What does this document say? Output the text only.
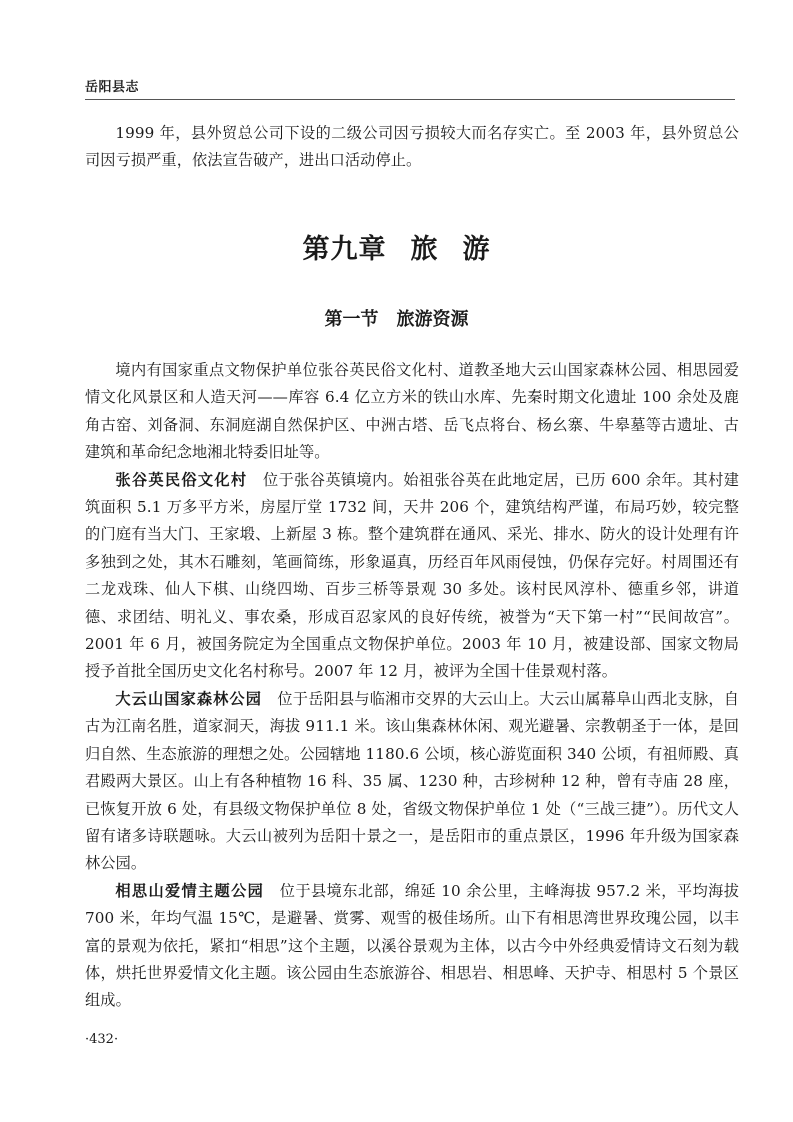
岳阳县志

1999 年，县外贸总公司下设的二级公司因亏损较大而名存实亡。至 2003 年，县外贸总公司因亏损严重，依法宣告破产，进出口活动停止。

第九章 旅 游
第一节 旅游资源

境内有国家重点文物保护单位张谷英民俗文化村、道教圣地大云山国家森林公园、相思园爱情文化风景区和人造天河——库容 6.4 亿立方米的铁山水库、先秦时期文化遗址 100 余处及鹿角古窑、刘备洞、东洞庭湖自然保护区、中洲古塔、岳飞点将台、杨幺寨、牛皋墓等古遗址、古建筑和革命纪念地湘北特委旧址等。

张谷英民俗文化村  位于张谷英镇境内。始祖张谷英在此地定居，已历 600 余年。其村建筑面积 5.1 万多平方米，房屋厅堂 1732 间，天井 206 个，建筑结构严谨，布局巧妙，较完整的门庭有当大门、王家塅、上新屋 3 栋。整个建筑群在通风、采光、排水、防火的设计处理有许多独到之处，其木石雕刻，笔画简练，形象逼真，历经百年风雨侵蚀，仍保存完好。村周围还有二龙戏珠、仙人下棋、山绕四坳、百步三桥等景观 30 多处。该村民风淳朴、德重乡邻，讲道德、求团结、明礼义、事农桑，形成百忍家风的良好传统，被誉为“天下第一村”“民间故宫”。2001 年 6 月，被国务院定为全国重点文物保护单位。2003 年 10 月，被建设部、国家文物局授予首批全国历史文化名村称号。2007 年 12 月，被评为全国十佳景观村落。

大云山国家森林公园  位于岳阳县与临湘市交界的大云山上。大云山属幕阜山西北支脉，自古为江南名胜，道家洞天，海拔 911.1 米。该山集森林休闲、观光避暑、宗教朝圣于一体，是回归自然、生态旅游的理想之处。公园辖地 1180.6 公顷，核心游览面积 340 公顷，有祖师殿、真君殿两大景区。山上有各种植物 16 科、35 属、1230 种，古珍树种 12 种，曾有寺庙 28 座，已恢复开放 6 处，有县级文物保护单位 8 处，省级文物保护单位 1 处（“三战三捷”）。历代文人留有诸多诗联题咏。大云山被列为岳阳十景之一，是岳阳市的重点景区，1996 年升级为国家森林公园。

相思山爱情主题公园  位于县境东北部，绵延 10 余公里，主峰海拔 957.2 米，平均海拔 700 米，年均气温 15℃，是避暑、赏雾、观雪的极佳场所。山下有相思湾世界玫瑰公园，以丰富的景观为依托，紧扣“相思”这个主题，以溪谷景观为主体，以古今中外经典爱情诗文石刻为载体，烘托世界爱情文化主题。该公园由生态旅游谷、相思岩、相思峰、天护寺、相思村 5 个景区组成。

·432·
